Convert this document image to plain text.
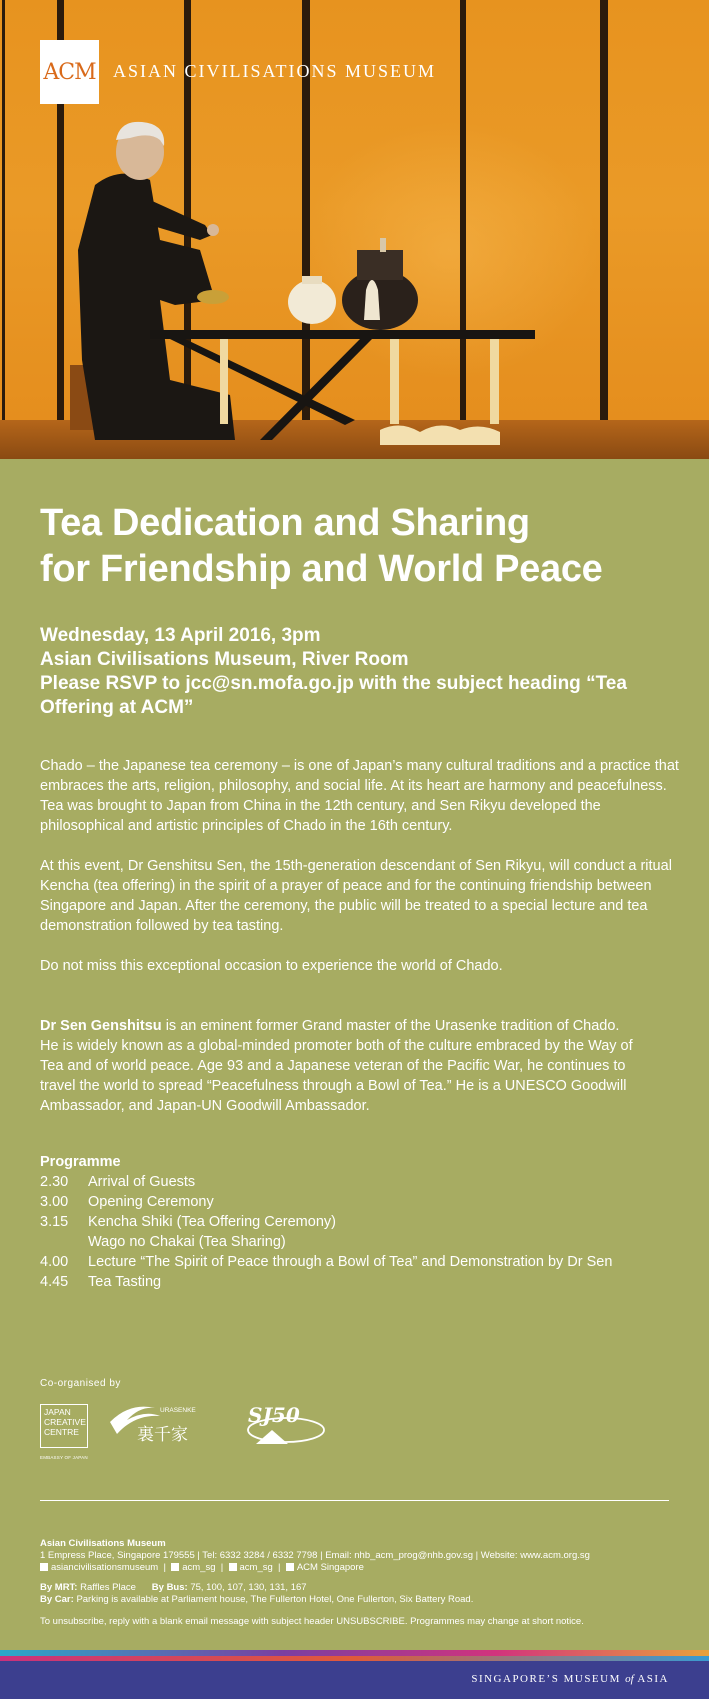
ACM ASIAN CIVILISATIONS MUSEUM
Tea Dedication and Sharing
for Friendship and World Peace
Wednesday, 13 April 2016, 3pm
Asian Civilisations Museum, River Room
Please RSVP to jcc@sn.mofa.go.jp with the subject heading “Tea
Offering at ACM”

Chado – the Japanese tea ceremony – is one of Japan’s many cultural traditions and a practice that embraces the arts, religion, philosophy, and social life. At its heart are harmony and peacefulness. Tea was brought to Japan from China in the 12th century, and Sen Rikyu developed the philosophical and artistic principles of Chado in the 16th century.

At this event, Dr Genshitsu Sen, the 15th-generation descendant of Sen Rikyu, will conduct a ritual Kencha (tea offering) in the spirit of a prayer of peace and for the continuing friendship between Singapore and Japan. After the ceremony, the public will be treated to a special lecture and tea demonstration followed by tea tasting.

Do not miss this exceptional occasion to experience the world of Chado.

Dr Sen Genshitsu is an eminent former Grand master of the Urasenke tradition of Chado. He is widely known as a global-minded promoter both of the culture embraced by the Way of Tea and of world peace. Age 93 and a Japanese veteran of the Pacific War, he continues to travel the world to spread “Peacefulness through a Bowl of Tea.” He is a UNESCO Goodwill Ambassador, and Japan-UN Goodwill Ambassador.

Programme
2.30	Arrival of Guests
3.00	Opening Ceremony
3.15	Kencha Shiki (Tea Offering Ceremony)
Wago no Chakai (Tea Sharing)
4.00	Lecture “The Spirit of Peace through a Bowl of Tea” and Demonstration by Dr Sen
4.45	Tea Tasting
Co-organised by
JAPAN
CREATIVE
CENTRE
EMBASSY OF JAPAN
URASENKE
裏千家
SJ50
Asian Civilisations Museum
1 Empress Place, Singapore 179555 | Tel: 6332 3284 / 6332 7798 | Email: nhb_acm_prog@nhb.gov.sg | Website: www.acm.org.sg
asiancivilisationsmuseum  |  acm_sg  |  acm_sg  |  ACM Singapore
By MRT: Raffles Place By Bus: 75, 100, 107, 130, 131, 167
By Car: Parking is available at Parliament house, The Fullerton Hotel, One Fullerton, Six Battery Road.
To unsubscribe, reply with a blank email message with subject header UNSUBSCRIBE. Programmes may change at short notice.
SINGAPORE’S MUSEUM of ASIA
